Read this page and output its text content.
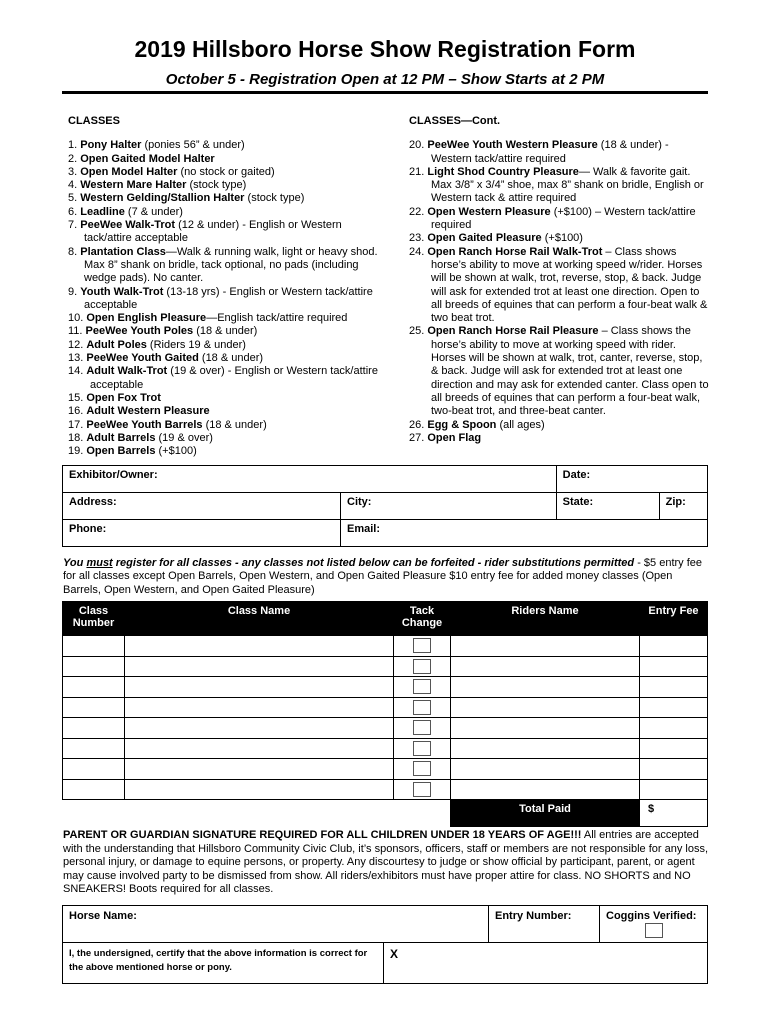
2019 Hillsboro Horse Show Registration Form
October 5 - Registration Open at 12 PM – Show Starts at 2 PM
CLASSES
1. Pony Halter (ponies 56” & under)
2. Open Gaited Model Halter
3. Open Model Halter (no stock or gaited)
4. Western Mare Halter (stock type)
5. Western Gelding/Stallion Halter (stock type)
6. Leadline (7 & under)
7. PeeWee Walk-Trot (12 & under) - English or Western tack/attire acceptable
8. Plantation Class—Walk & running walk, light or heavy shod. Max 8” shank on bridle, tack optional, no pads (including wedge pads). No canter.
9. Youth Walk-Trot (13-18 yrs) - English or Western tack/attire acceptable
10. Open English Pleasure—English tack/attire required
11. PeeWee Youth Poles (18 & under)
12. Adult Poles (Riders 19 & under)
13. PeeWee Youth Gaited (18 & under)
14. Adult Walk-Trot (19 & over) - English or Western tack/attire acceptable
15. Open Fox Trot
16. Adult Western Pleasure
17. PeeWee Youth Barrels (18 & under)
18. Adult Barrels (19 & over)
19. Open Barrels (+$100)
CLASSES—Cont.
20. PeeWee Youth Western Pleasure (18 & under) - Western tack/attire required
21. Light Shod Country Pleasure— Walk & favorite gait. Max 3/8” x 3/4” shoe, max 8” shank on bridle, English or Western tack & attire required
22. Open Western Pleasure (+$100) – Western tack/attire required
23. Open Gaited Pleasure (+$100)
24. Open Ranch Horse Rail Walk-Trot – Class shows horse’s ability to move at working speed w/rider. Horses will be shown at walk, trot, reverse, stop, & back. Judge will ask for extended trot at least one direction. Open to all breeds of equines that can perform a four-beat walk & two beat trot.
25. Open Ranch Horse Rail Pleasure – Class shows the horse’s ability to move at working speed with rider. Horses will be shown at walk, trot, canter, reverse, stop, & back. Judge will ask for extended trot at least one direction and may ask for extended canter. Class open to all breeds of equines that can perform a four-beat walk, two-beat trot, and three-beat canter.
26. Egg & Spoon (all ages)
27. Open Flag
Exhibitor/Owner:		Date:	
Address:	City:	State:	Zip:
Phone:	Email:		
You must register for all classes - any classes not listed below can be forfeited - rider substitutions permitted - $5 entry fee for all classes except Open Barrels, Open Western, and Open Gaited Pleasure $10 entry fee for added money classes (Open Barrels, Open Western, and Open Gaited Pleasure)
Class Number	Class Name	Tack Change	Riders Name	Entry Fee

			Total Paid	$
PARENT OR GUARDIAN SIGNATURE REQUIRED FOR ALL CHILDREN UNDER 18 YEARS OF AGE!!! All entries are accepted with the understanding that Hillsboro Community Civic Club, it’s sponsors, officers, staff or members are not responsible for any loss, personal injury, or damage to equine persons, or property. Any discourtesy to judge or show official by participant, parent, or agent may cause involved party to be dismissed from show. All riders/exhibitors must have proper attire for class. NO SHORTS and NO SNEAKERS! Boots required for all classes.
Horse Name:		Entry Number:	Coggins Verified:

I, the undersigned, certify that the above information is correct for the above mentioned horse or pony.	X		
